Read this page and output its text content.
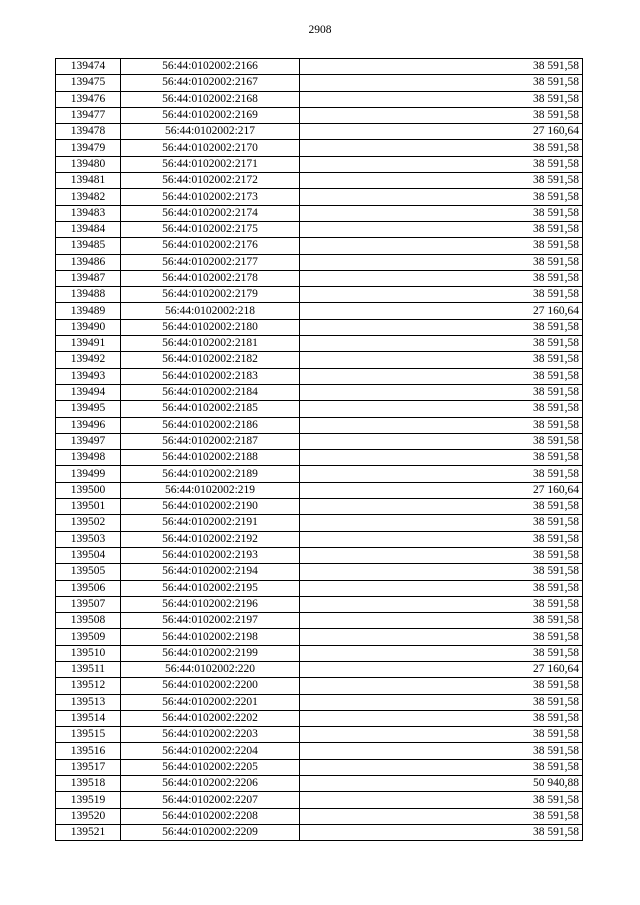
2908
139474	56:44:0102002:2166	38 591,58
139475	56:44:0102002:2167	38 591,58
139476	56:44:0102002:2168	38 591,58
139477	56:44:0102002:2169	38 591,58
139478	56:44:0102002:217	27 160,64
139479	56:44:0102002:2170	38 591,58
139480	56:44:0102002:2171	38 591,58
139481	56:44:0102002:2172	38 591,58
139482	56:44:0102002:2173	38 591,58
139483	56:44:0102002:2174	38 591,58
139484	56:44:0102002:2175	38 591,58
139485	56:44:0102002:2176	38 591,58
139486	56:44:0102002:2177	38 591,58
139487	56:44:0102002:2178	38 591,58
139488	56:44:0102002:2179	38 591,58
139489	56:44:0102002:218	27 160,64
139490	56:44:0102002:2180	38 591,58
139491	56:44:0102002:2181	38 591,58
139492	56:44:0102002:2182	38 591,58
139493	56:44:0102002:2183	38 591,58
139494	56:44:0102002:2184	38 591,58
139495	56:44:0102002:2185	38 591,58
139496	56:44:0102002:2186	38 591,58
139497	56:44:0102002:2187	38 591,58
139498	56:44:0102002:2188	38 591,58
139499	56:44:0102002:2189	38 591,58
139500	56:44:0102002:219	27 160,64
139501	56:44:0102002:2190	38 591,58
139502	56:44:0102002:2191	38 591,58
139503	56:44:0102002:2192	38 591,58
139504	56:44:0102002:2193	38 591,58
139505	56:44:0102002:2194	38 591,58
139506	56:44:0102002:2195	38 591,58
139507	56:44:0102002:2196	38 591,58
139508	56:44:0102002:2197	38 591,58
139509	56:44:0102002:2198	38 591,58
139510	56:44:0102002:2199	38 591,58
139511	56:44:0102002:220	27 160,64
139512	56:44:0102002:2200	38 591,58
139513	56:44:0102002:2201	38 591,58
139514	56:44:0102002:2202	38 591,58
139515	56:44:0102002:2203	38 591,58
139516	56:44:0102002:2204	38 591,58
139517	56:44:0102002:2205	38 591,58
139518	56:44:0102002:2206	50 940,88
139519	56:44:0102002:2207	38 591,58
139520	56:44:0102002:2208	38 591,58
139521	56:44:0102002:2209	38 591,58
